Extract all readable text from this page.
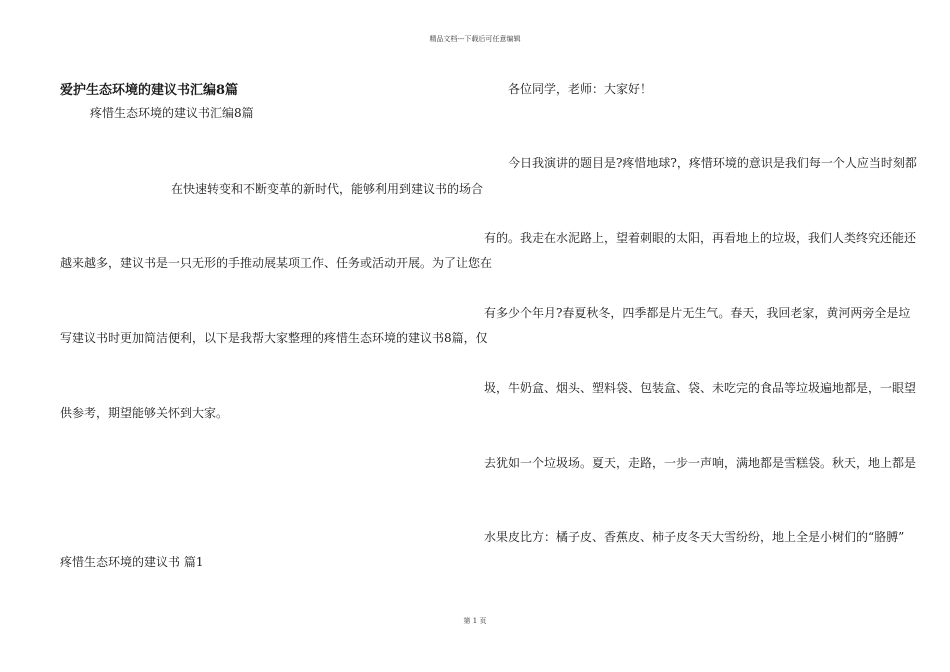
精品文档---下载后可任意编辑
爱护生态环境的建议书汇编8篇
疼惜生态环境的建议书汇编8篇
在快速转变和不断变革的新时代，能够利用到建议书的场合
越来越多，建议书是一只无形的手推动展某项工作、任务或活动开展。为了让您在
写建议书时更加简洁便利，以下是我帮大家整理的疼惜生态环境的建议书8篇，仅
供参考，期望能够关怀到大家。
疼惜生态环境的建议书 篇1
各位同学，老师：大家好！
今日我演讲的题目是?疼惜地球?，疼惜环境的意识是我们每一个人应当时刻都
有的。我走在水泥路上，望着刺眼的太阳，再看地上的垃圾，我们人类终究还能还
有多少个年月?春夏秋冬，四季都是片无生气。春天，我回老家，黄河两旁全是垃
圾，牛奶盒、烟头、塑料袋、包装盒、袋、未吃完的食品等垃圾遍地都是，一眼望
去犹如一个垃圾场。夏天，走路，一步一声响，满地都是雪糕袋。秋天，地上都是
水果皮比方：橘子皮、香蕉皮、柿子皮冬天大雪纷纷，地上全是小树们的“胳膊”
第 1 页
